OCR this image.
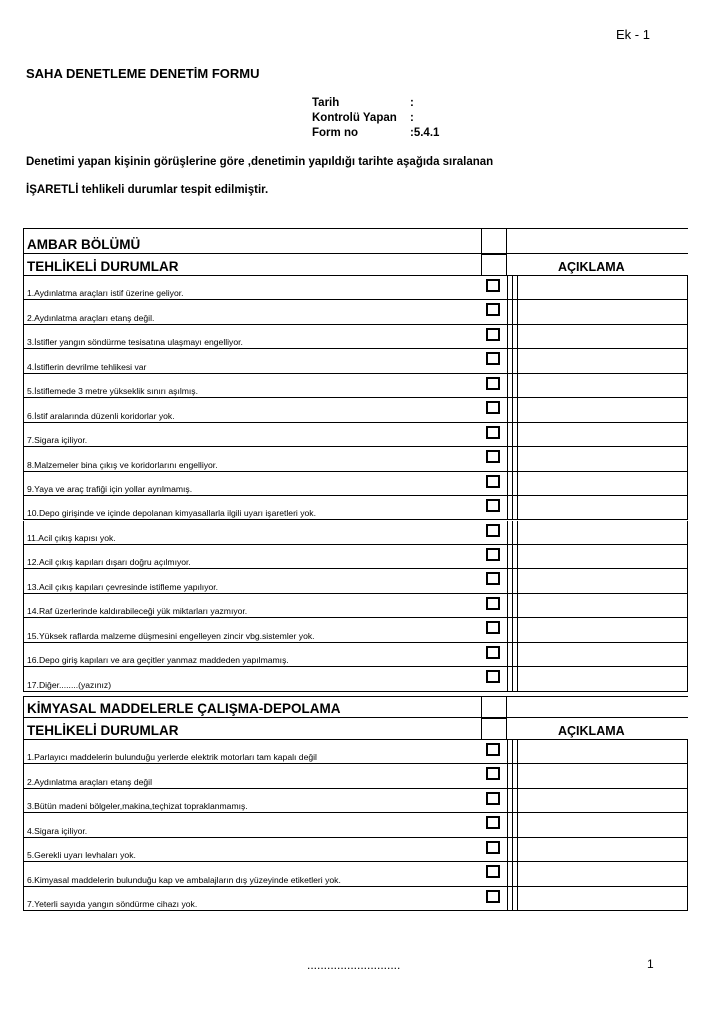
Ek - 1
SAHA DENETLEME DENETİM FORMU
Tarih	:
Kontrolü Yapan :
Form no	:5.4.1
Denetimi yapan kişinin görüşlerine göre ,denetimin yapıldığı tarihte aşağıda sıralanan
İŞARETLİ tehlikeli durumlar tespit edilmiştir.
AMBAR BÖLÜMÜ
TEHLİKELİ DURUMLAR	AÇIKLAMA
1.Aydınlatma araçları istif üzerine geliyor.
2.Aydınlatma araçları etanş değil.
3.İstifler yangın söndürme tesisatına ulaşmayı engelliyor.
4.İstiflerin devrilme tehlikesi var
5.İstiflemede 3 metre yükseklik sınırı aşılmış.
6.İstif aralarında düzenli koridorlar yok.
7.Sigara içiliyor.
8.Malzemeler bina çıkış ve koridorlarını engelliyor.
9.Yaya ve araç trafiği için yollar ayrılmamış.
10.Depo girişinde ve içinde depolanan kimyasallarla ilgili uyarı işaretleri yok.
11.Acil çıkış kapısı yok.
12.Acil çıkış kapıları dışarı doğru açılmıyor.
13.Acil çıkış kapıları çevresinde istifleme yapılıyor.
14.Raf üzerlerinde kaldırabileceği yük miktarları yazmıyor.
15.Yüksek raflarda malzeme düşmesini engelleyen zincir vbg.sistemler yok.
16.Depo giriş kapıları ve ara geçitler yanmaz maddeden yapılmamış.
17.Diğer........(yazınız)
KİMYASAL MADDELERLE ÇALIŞMA-DEPOLAMA
TEHLİKELİ DURUMLAR	AÇIKLAMA
1.Parlayıcı maddelerin bulunduğu yerlerde elektrik motorları tam kapalı değil
2.Aydınlatma araçları etanş değil
3.Bütün madeni bölgeler,makina,teçhizat topraklanmamış.
4.Sigara içiliyor.
5.Gerekli uyarı levhaları yok.
6.Kimyasal maddelerin bulunduğu kap ve ambalajların dış yüzeyinde etiketleri yok.
7.Yeterli sayıda yangın söndürme cihazı yok.
............................	1
